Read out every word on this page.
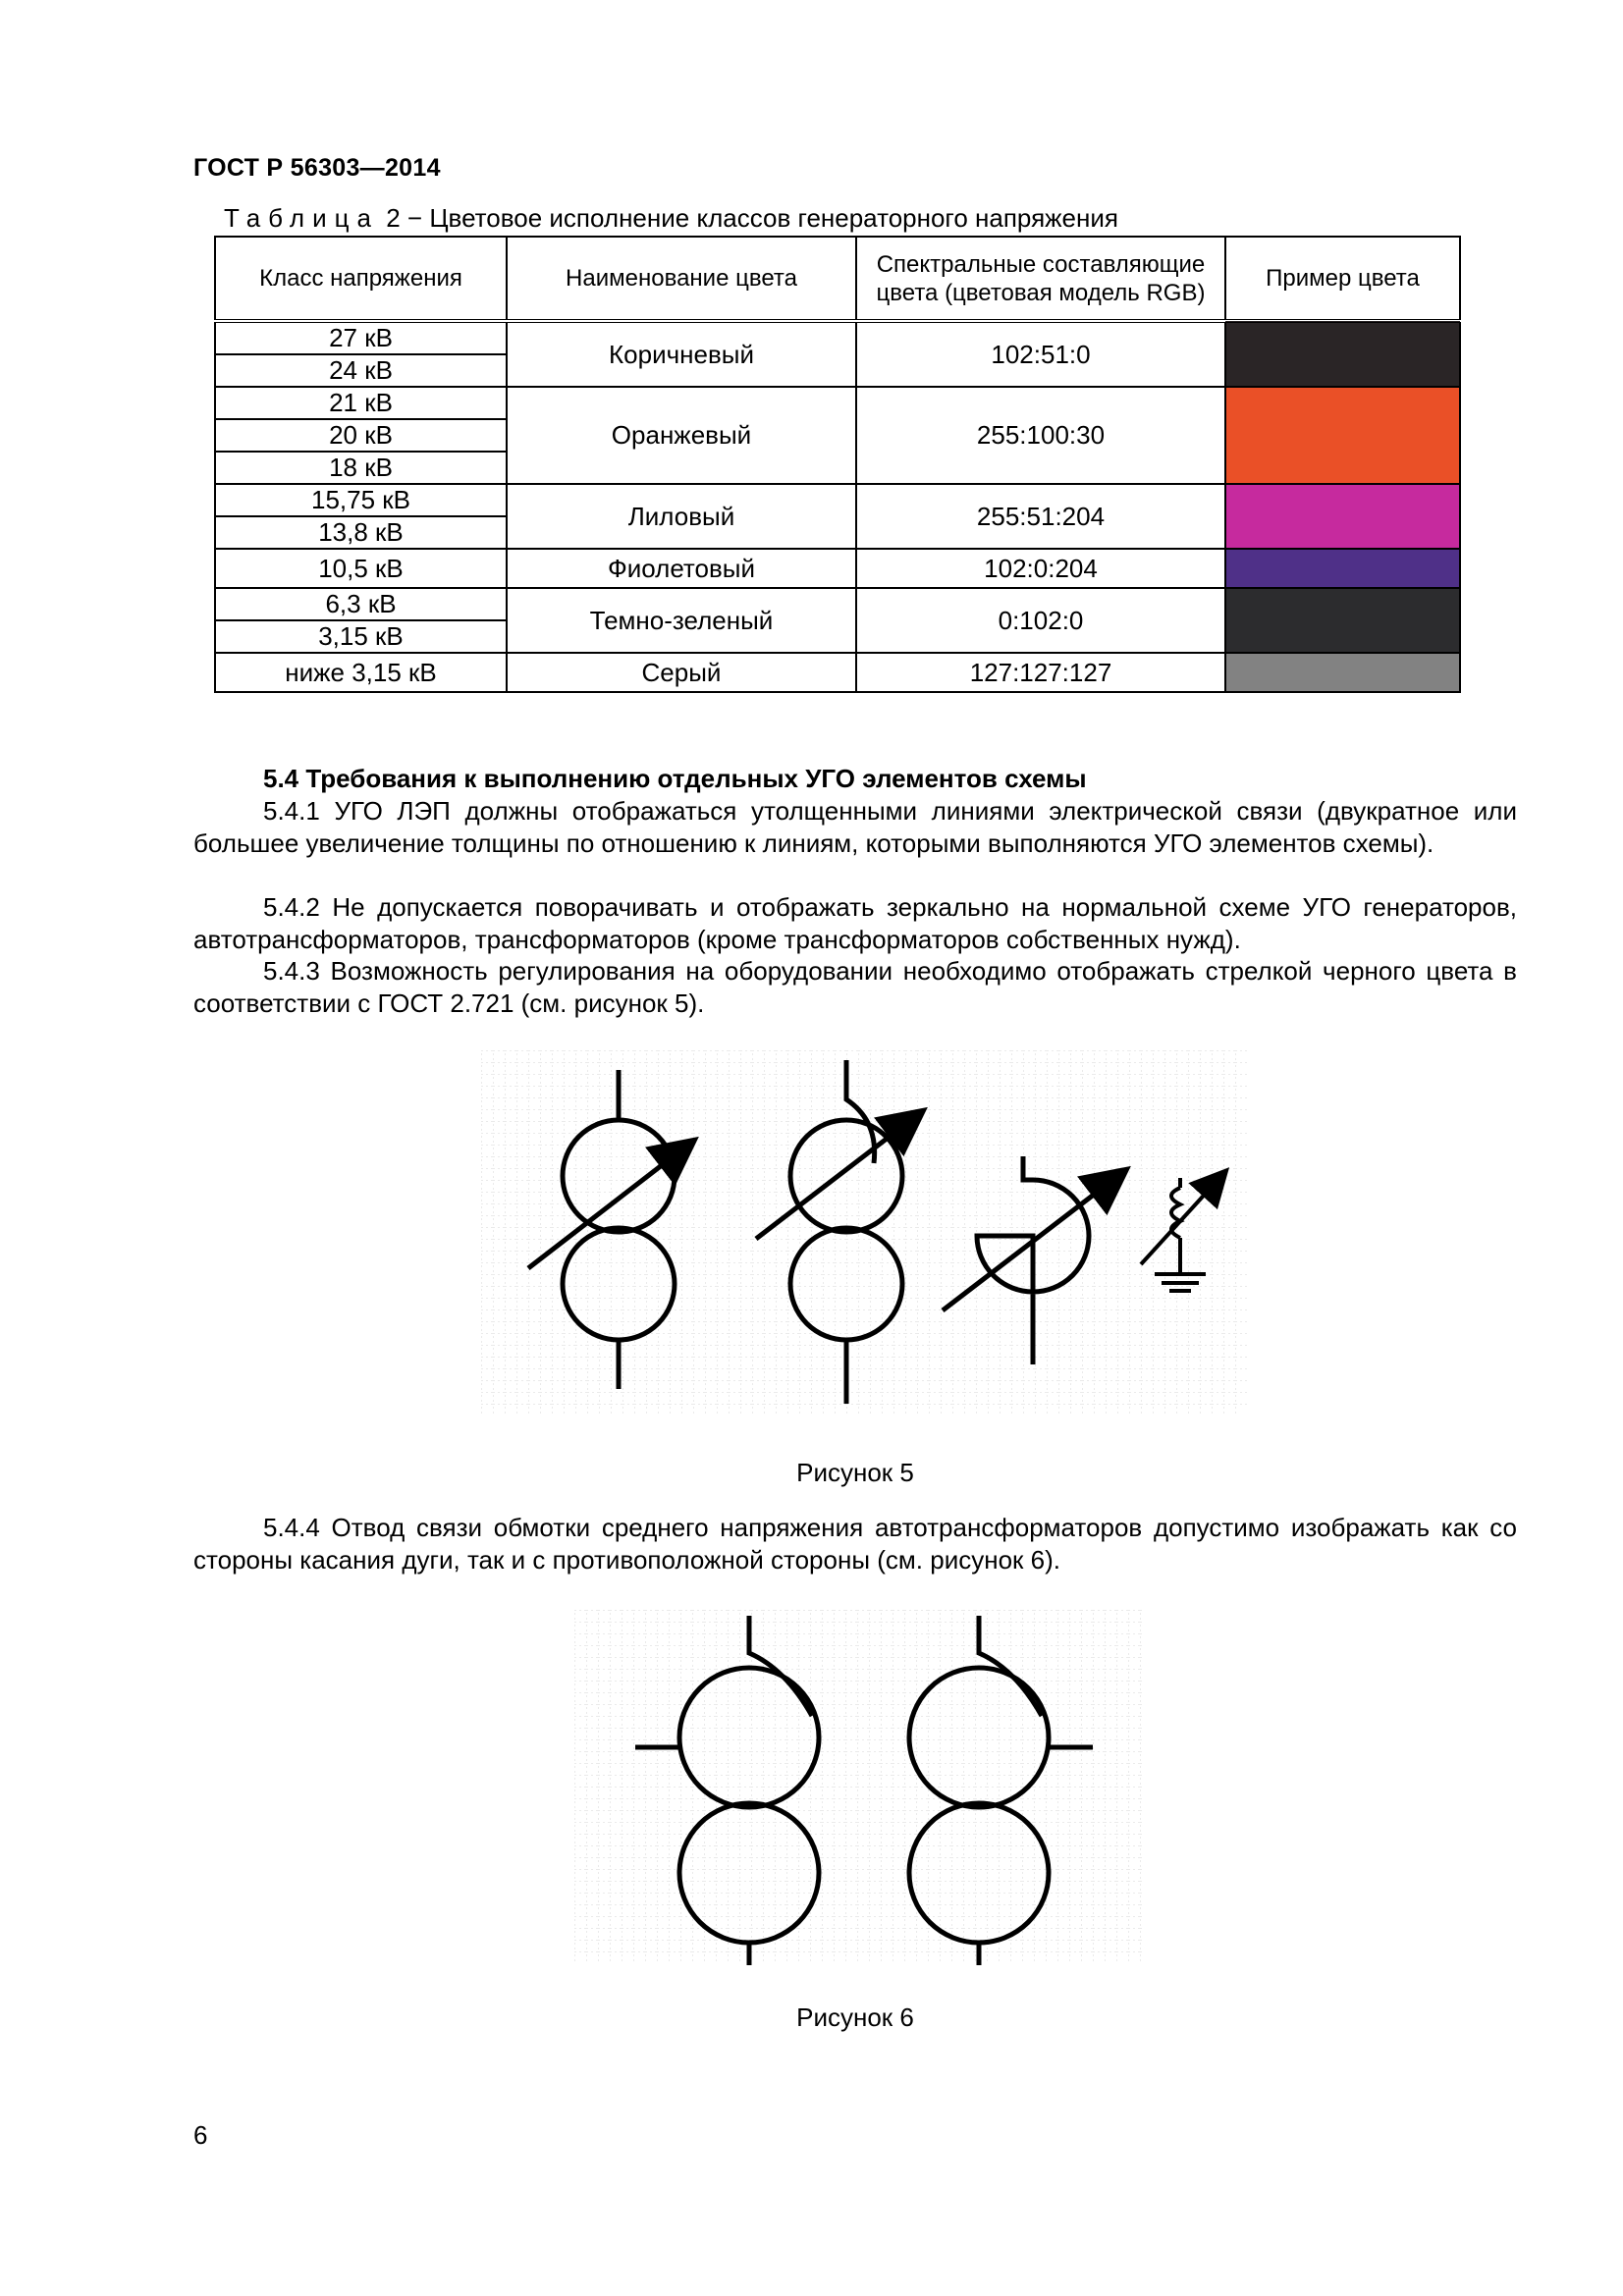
ГОСТ Р 56303—2014
Таблица 2 − Цветовое исполнение классов генераторного напряжения
Класс напряжения	Наименование цвета	Спектральные составляющие цвета (цветовая модель RGB)	Пример цвета
27 кВ	Коричневый	102:51:0	

24 кВ			
21 кВ	Оранжевый	255:100:30	

20 кВ			
18 кВ			
15,75 кВ	Лиловый	255:51:204	

13,8 кВ			
10,5 кВ	Фиолетовый	102:0:204	

6,3 кВ	Темно-зеленый	0:102:0	

3,15 кВ			
ниже 3,15 кВ	Серый	127:127:127	
5.4 Требования к выполнению отдельных УГО элементов схемы
5.4.1 УГО ЛЭП должны отображаться утолщенными линиями электрической связи (двукратное или большее увеличение толщины по отношению к линиям, которыми выполняются УГО элементов схемы).
5.4.2 Не допускается поворачивать и отображать зеркально на нормальной схеме УГО генераторов, автотрансформаторов, трансформаторов (кроме трансформаторов собственных нужд).
5.4.3 Возможность регулирования на оборудовании необходимо отображать стрелкой черного цвета в соответствии с ГОСТ 2.721 (см. рисунок 5).
Рисунок 5
5.4.4 Отвод связи обмотки среднего напряжения автотрансформаторов допустимо изображать как со стороны касания дуги, так и с противоположной стороны (см. рисунок 6).
Рисунок 6
6
